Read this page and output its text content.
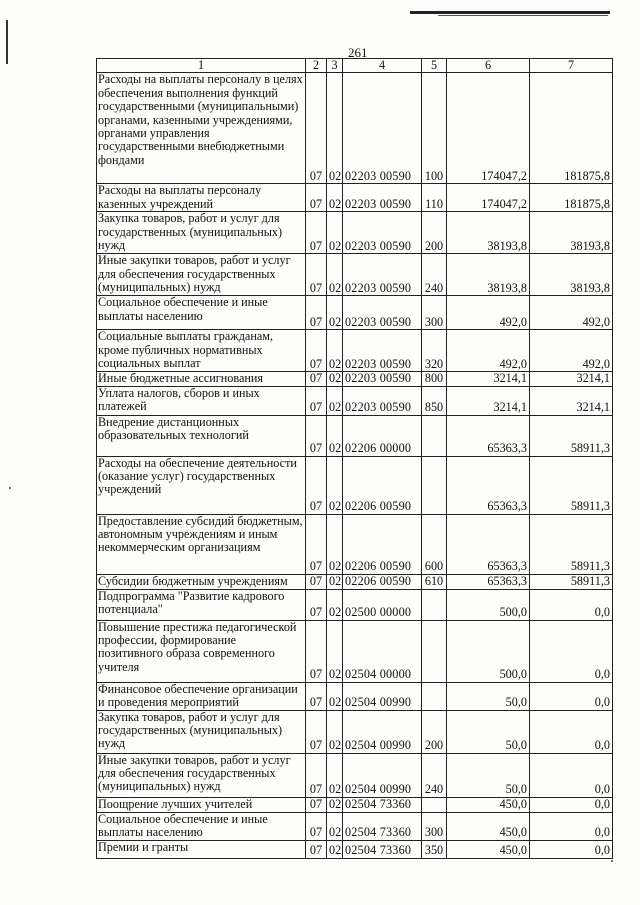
261
1	2	3	4	5	6	7
Расходы на выплаты персоналу в целях обеспечения выполнения функций государственными (муниципальными) органами, казенными учреждениями, органами управления государственными внебюджетными фондами	07	02	02203 00590	100	174047,2	181875,8
Расходы на выплаты персоналу казенных учреждений	07	02	02203 00590	110	174047,2	181875,8
Закупка товаров, работ и услуг для государственных (муниципальных) нужд	07	02	02203 00590	200	38193,8	38193,8
Иные закупки товаров, работ и услуг для обеспечения государственных (муниципальных) нужд	07	02	02203 00590	240	38193,8	38193,8
Социальное обеспечение и иные выплаты населению	07	02	02203 00590	300	492,0	492,0
Социальные выплаты гражданам, кроме публичных нормативных социальных выплат	07	02	02203 00590	320	492,0	492,0
Иные бюджетные ассигнования	07	02	02203 00590	800	3214,1	3214,1
Уплата налогов, сборов и иных платежей	07	02	02203 00590	850	3214,1	3214,1
Внедрение дистанционных образовательных технологий	07	02	02206 00000		65363,3	58911,3
Расходы на обеспечение деятельности (оказание услуг) государственных учреждений	07	02	02206 00590		65363,3	58911,3
Предоставление субсидий бюджетным, автономным учреждениям и иным некоммерческим организациям	07	02	02206 00590	600	65363,3	58911,3
Субсидии бюджетным учреждениям	07	02	02206 00590	610	65363,3	58911,3
Подпрограмма "Развитие кадрового потенциала"	07	02	02500 00000		500,0	0,0
Повышение престижа педагогической профессии, формирование позитивного образа современного учителя	07	02	02504 00000		500,0	0,0
Финансовое обеспечение организации и проведения мероприятий	07	02	02504 00990		50,0	0,0
Закупка товаров, работ и услуг для государственных (муниципальных) нужд	07	02	02504 00990	200	50,0	0,0
Иные закупки товаров, работ и услуг для обеспечения государственных (муниципальных) нужд	07	02	02504 00990	240	50,0	0,0
Поощрение лучших учителей	07	02	02504 73360		450,0	0,0
Социальное обеспечение и иные выплаты населению	07	02	02504 73360	300	450,0	0,0
Премии и гранты	07	02	02504 73360	350	450,0	0,0
